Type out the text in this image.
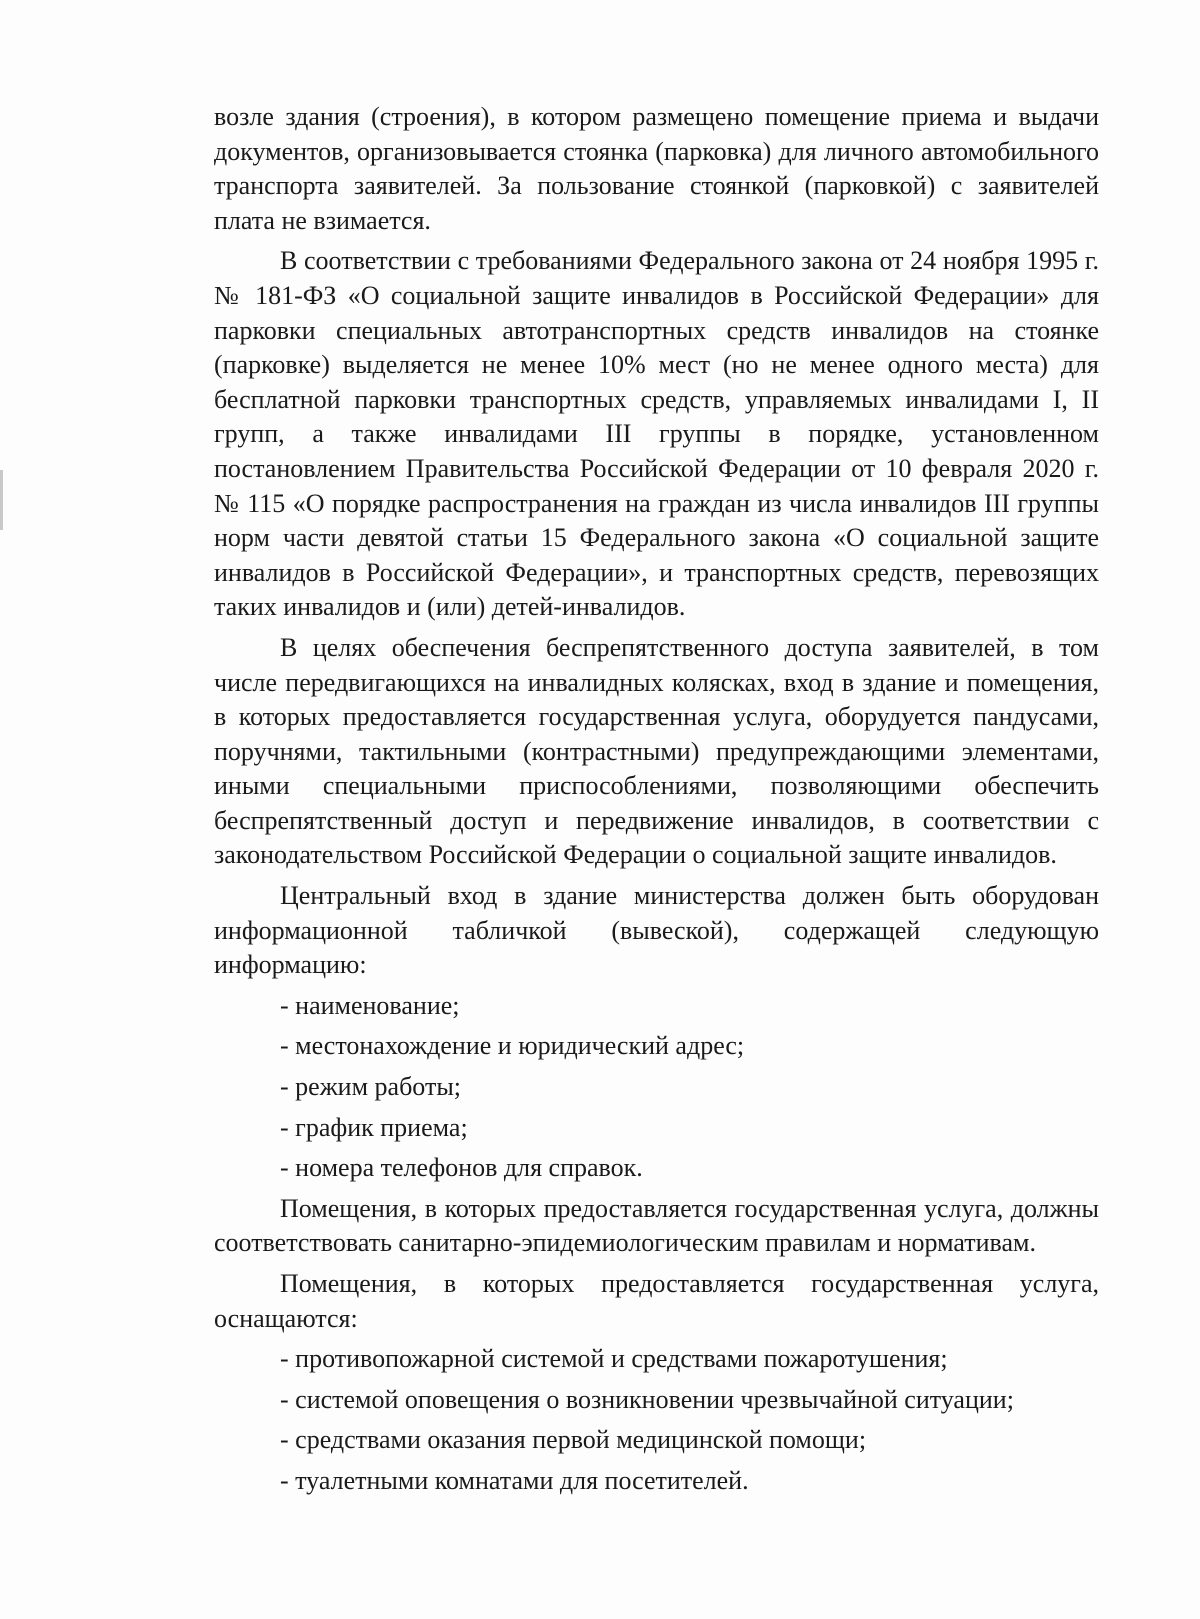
возле здания (строения), в котором размещено помещение приема и выдачи документов, организовывается стоянка (парковка) для личного автомобильного транспорта заявителей. За пользование стоянкой (парковкой) с заявителей плата не взимается.

В соответствии с требованиями Федерального закона от 24 ноября 1995 г. № 181-ФЗ «О социальной защите инвалидов в Российской Федерации» для парковки специальных автотранспортных средств инвалидов на стоянке (парковке) выделяется не менее 10% мест (но не менее одного места) для бесплатной парковки транспортных средств, управляемых инвалидами I, II групп, а также инвалидами III группы в порядке, установленном постановлением Правительства Российской Федерации от 10 февраля 2020 г. № 115 «О порядке распространения на граждан из числа инвалидов III группы норм части девятой статьи 15 Федерального закона «О социальной защите инвалидов в Российской Федерации», и транспортных средств, перевозящих таких инвалидов и (или) детей-инвалидов.

В целях обеспечения беспрепятственного доступа заявителей, в том числе передвигающихся на инвалидных колясках, вход в здание и помещения, в которых предоставляется государственная услуга, оборудуется пандусами, поручнями, тактильными (контрастными) предупреждающими элементами, иными специальными приспособлениями, позволяющими обеспечить беспрепятственный доступ и передвижение инвалидов, в соответствии с законодательством Российской Федерации о социальной защите инвалидов.

Центральный вход в здание министерства должен быть оборудован информационной табличкой (вывеской), содержащей следующую информацию:

- наименование;
- местонахождение и юридический адрес;
- режим работы;
- график приема;
- номера телефонов для справок.

Помещения, в которых предоставляется государственная услуга, должны соответствовать санитарно-эпидемиологическим правилам и нормативам.

Помещения, в которых предоставляется государственная услуга, оснащаются:

- противопожарной системой и средствами пожаротушения;
- системой оповещения о возникновении чрезвычайной ситуации;
- средствами оказания первой медицинской помощи;
- туалетными комнатами для посетителей.
